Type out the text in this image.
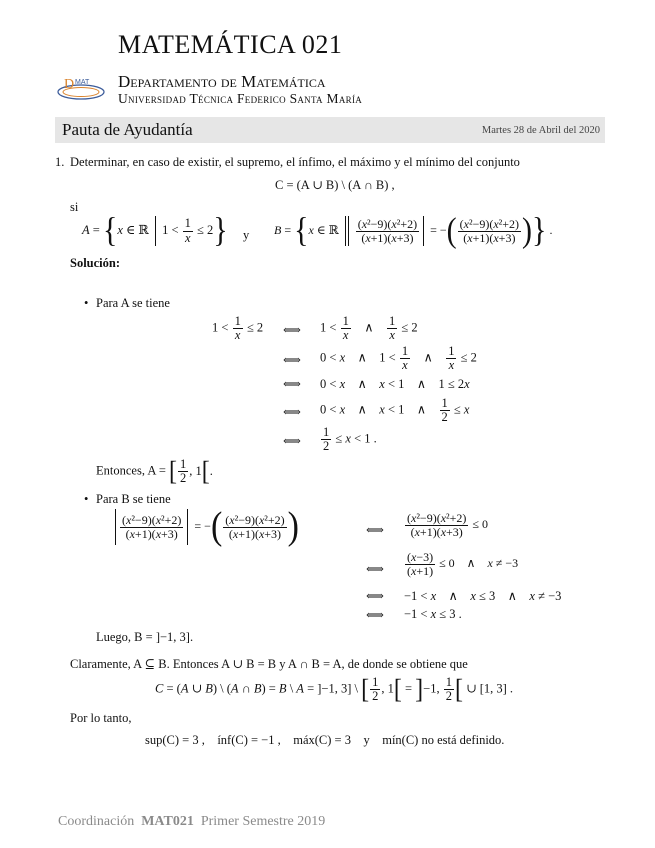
MATEMÁTICA 021
D MAT Departamento de Matemática
Universidad Técnica Federico Santa María
Pauta de Ayudantía	Martes 28 de Abril del 2020
1. Determinar, en caso de existir, el supremo, el ínfimo, el máximo y el mínimo del conjunto
C = (A ∪ B) \ (A ∩ B) ,
si
A = {x ∈ ℝ  $1 < \frac{1}{x} \le 2$} y B = {x ∈ ℝ $\frac{\text{(x²−9)(x²+2)}}{(x+1)(x+3)}$ = −( $\frac{\text{(x²−9)(x²+2)}}{(x+1)(x+3)}$ )} .
Solución:
• Para A se tiene
$1 < \frac{1}{x} \le 2$ ⟺ $1 < \frac{1}{x}$ ∧ $\frac{1}{x} \le 2$
⟺ 0 < x    ∧    $1 < \frac{1}{x}$ ∧ $\frac{1}{x} \le 2$
⟺ 0 < x    ∧    x < 1    ∧    1 ≤ 2x
⟺ 0 < x    ∧    x < 1    ∧ $\frac{1}{2} \le x$
⟺ $\frac{1}{2} \le x < 1$ .
Entonces, A = [ $\frac{1}{2}$ , 1[.
• Para B se tiene
$\frac{\text{(x²−9)(x²+2)}}{(x+1)(x+3)}$ = −( $\frac{\text{(x²−9)(x²+2)}}{(x+1)(x+3)}$ )	⟺ $\frac{\text{(x²−9)(x²+2)}}{(x+1)(x+3)} \le 0$
⟺ $\frac{(x-3)}{(x+1)} \le 0$    ∧    x ≠ −3
⟺ −1 < x    ∧    x ≤ 3    ∧    x ≠ −3
⟺ −1 < x ≤ 3 .
Luego, B = ]−1, 3].
Claramente, A ⊆ B. Entonces A ∪ B = B y A ∩ B = A, de donde se obtiene que
C = (A ∪ B) \ (A ∩ B) = B \ A = ]−1, 3] \ [ $\frac{1}{2}$ , 1[ = ]−1, $\frac{1}{2}$ [ ∪ [1, 3] .
Por lo tanto,
sup(C) = 3 , ínf(C) = −1 , máx(C) = 3 y mín(C) no está definido.
Coordinación MAT021 Primer Semestre 2019
